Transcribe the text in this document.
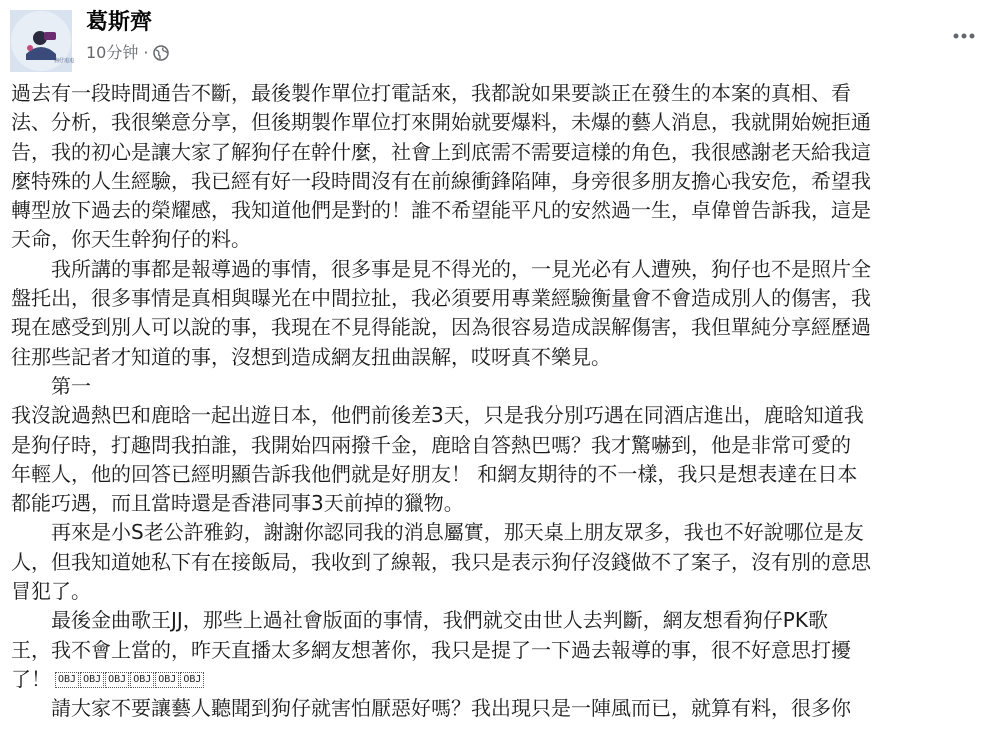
狗仔追追
葛斯齊
10分钟 ·
過去有一段時間通告不斷，最後製作單位打電話來，我都說如果要談正在發生的本案的真相、看
法、分析，我很樂意分享，但後期製作單位打來開始就要爆料，未爆的藝人消息，我就開始婉拒通
告，我的初心是讓大家了解狗仔在幹什麼，社會上到底需不需要這樣的角色，我很感謝老天給我這
麼特殊的人生經驗，我已經有好一段時間沒有在前線衝鋒陷陣，身旁很多朋友擔心我安危，希望我
轉型放下過去的榮耀感，我知道他們是對的！誰不希望能平凡的安然過一生，卓偉曾告訴我，這是
天命，你天生幹狗仔的料。
　　我所講的事都是報導過的事情，很多事是見不得光的，一見光必有人遭殃，狗仔也不是照片全
盤托出，很多事情是真相與曝光在中間拉扯，我必須要用專業經驗衡量會不會造成別人的傷害，我
現在感受到別人可以說的事，我現在不見得能說，因為很容易造成誤解傷害，我但單純分享經歷過
往那些記者才知道的事，沒想到造成網友扭曲誤解，哎呀真不樂見。
　　第一
我沒說過熱巴和鹿晗一起出遊日本，他們前後差3天，只是我分別巧遇在同酒店進出，鹿晗知道我
是狗仔時，打趣問我拍誰，我開始四兩撥千金，鹿晗自答熱巴嗎？我才驚嚇到，他是非常可愛的
年輕人，他的回答已經明顯告訴我他們就是好朋友！ 和網友期待的不一樣，我只是想表達在日本
都能巧遇，而且當時還是香港同事3天前掉的獵物。
　　再來是小S老公許雅鈞，謝謝你認同我的消息屬實，那天桌上朋友眾多，我也不好說哪位是友
人，但我知道她私下有在接飯局，我收到了線報，我只是表示狗仔沒錢做不了案子，沒有別的意思
冒犯了。
　　最後金曲歌王JJ，那些上過社會版面的事情，我們就交由世人去判斷，網友想看狗仔PK歌
王，我不會上當的，昨天直播太多網友想著你，我只是提了一下過去報導的事，很不好意思打擾
了！ OBJ OBJ OBJ OBJ OBJ OBJ
　　請大家不要讓藝人聽聞到狗仔就害怕厭惡好嗎？我出現只是一陣風而已，就算有料，很多你
